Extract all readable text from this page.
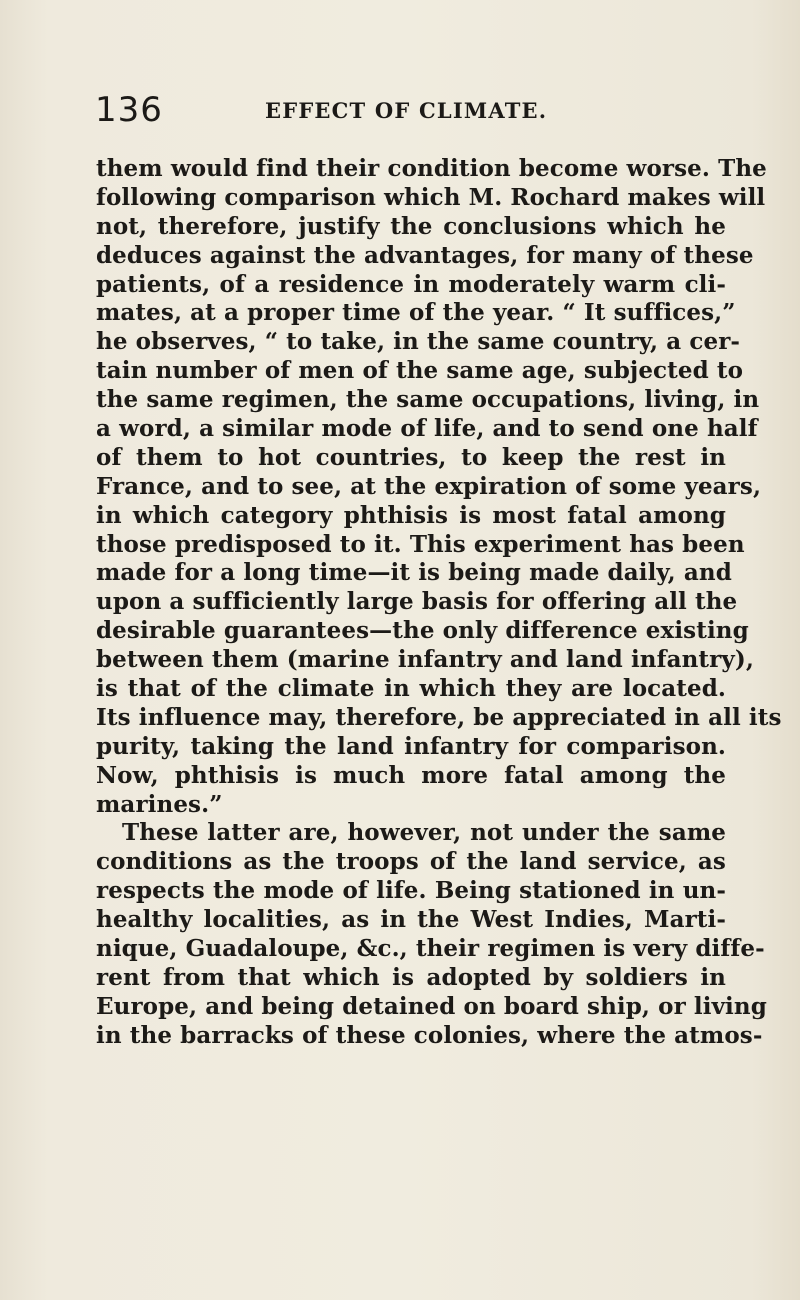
136	EFFECT OF CLIMATE.
them would find their condition become worse. The
following comparison which M. Rochard makes will
not, therefore, justify the conclusions which he
deduces against the advantages, for many of these
patients, of a residence in moderately warm cli-
mates, at a proper time of the year. “ It suffices,”
he observes, “ to take, in the same country, a cer-
tain number of men of the same age, subjected to
the same regimen, the same occupations, living, in
a word, a similar mode of life, and to send one half
of them to hot countries, to keep the rest in
France, and to see, at the expiration of some years,
in which category phthisis is most fatal among
those predisposed to it. This experiment has been
made for a long time—it is being made daily, and
upon a sufficiently large basis for offering all the
desirable guarantees—the only difference existing
between them (marine infantry and land infantry),
is that of the climate in which they are located.
Its influence may, therefore, be appreciated in all its
purity, taking the land infantry for comparison.
Now, phthisis is much more fatal among the
marines.”
These latter are, however, not under the same
conditions as the troops of the land service, as
respects the mode of life. Being stationed in un-
healthy localities, as in the West Indies, Marti-
nique, Guadaloupe, &c., their regimen is very diffe-
rent from that which is adopted by soldiers in
Europe, and being detained on board ship, or living
in the barracks of these colonies, where the atmos-
